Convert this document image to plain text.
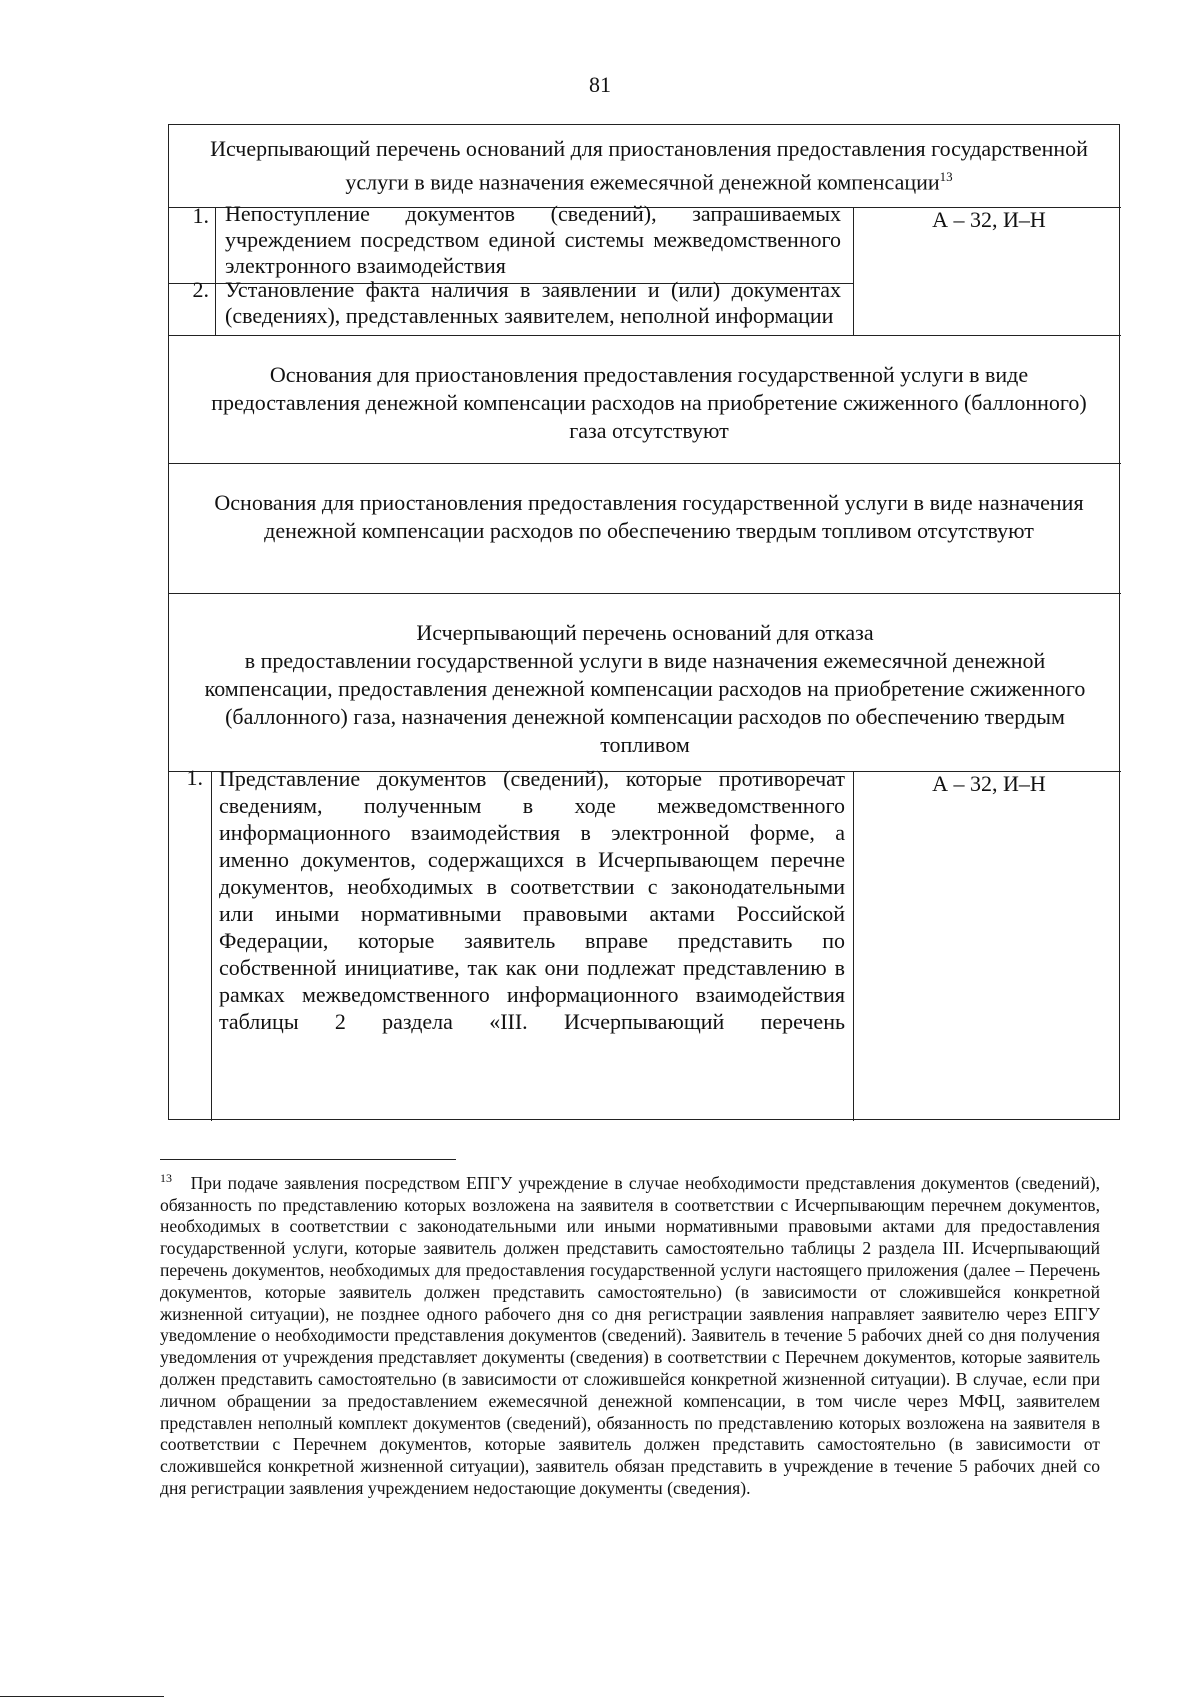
81
Исчерпывающий перечень оснований для приостановления предоставления государственной услуги в виде назначения ежемесячной денежной компенсации$^{13}$
1. Непоступление документов (сведений), запрашиваемых
учреждением посредством единой системы межведомственного
электронного взаимодействия
А – 32, И–Н
2. Установление факта наличия в заявлении и (или) документах
(сведениях), представленных заявителем, неполной информации
Основания для приостановления предоставления государственной услуги в виде предоставления денежной компенсации расходов на приобретение сжиженного (баллонного) газа отсутствуют
Основания для приостановления предоставления государственной услуги в виде назначения денежной компенсации расходов по обеспечению твердым топливом отсутствуют
Исчерпывающий перечень оснований для отказа
в предоставлении государственной услуги в виде назначения ежемесячной денежной компенсации, предоставления денежной компенсации расходов на приобретение сжиженного (баллонного) газа, назначения денежной компенсации расходов по обеспечению твердым топливом
1. Представление документов (сведений), которые противоречат
сведениям, полученным в ходе межведомственного
информационного взаимодействия в электронной форме, а
именно документов, содержащихся в Исчерпывающем перечне
документов, необходимых в соответствии с законодательными
или иными нормативными правовыми актами Российской
Федерации, которые заявитель вправе представить по
собственной инициативе, так как они подлежат представлению в
рамках межведомственного информационного взаимодействия
таблицы 2 раздела «III. Исчерпывающий перечень
А – 32, И–Н
$^{13}$ При подаче заявления посредством ЕПГУ учреждение в случае необходимости представления документов (сведений), обязанность по представлению которых возложена на заявителя в соответствии с Исчерпывающим перечнем документов, необходимых в соответствии с законодательными или иными нормативными правовыми актами для предоставления государственной услуги, которые заявитель должен представить самостоятельно таблицы 2 раздела III. Исчерпывающий перечень документов, необходимых для предоставления государственной услуги настоящего приложения (далее – Перечень документов, которые заявитель должен представить самостоятельно) (в зависимости от сложившейся конкретной жизненной ситуации), не позднее одного рабочего дня со дня регистрации заявления направляет заявителю через ЕПГУ уведомление о необходимости представления документов (сведений). Заявитель в течение 5 рабочих дней со дня получения уведомления от учреждения представляет документы (сведения) в соответствии с Перечнем документов, которые заявитель должен представить самостоятельно (в зависимости от сложившейся конкретной жизненной ситуации). В случае, если при личном обращении за предоставлением ежемесячной денежной компенсации, в том числе через МФЦ, заявителем представлен неполный комплект документов (сведений), обязанность по представлению которых возложена на заявителя в соответствии с Перечнем документов, которые заявитель должен представить самостоятельно (в зависимости от сложившейся конкретной жизненной ситуации), заявитель обязан представить в учреждение в течение 5 рабочих дней со дня регистрации заявления учреждением недостающие документы (сведения).
